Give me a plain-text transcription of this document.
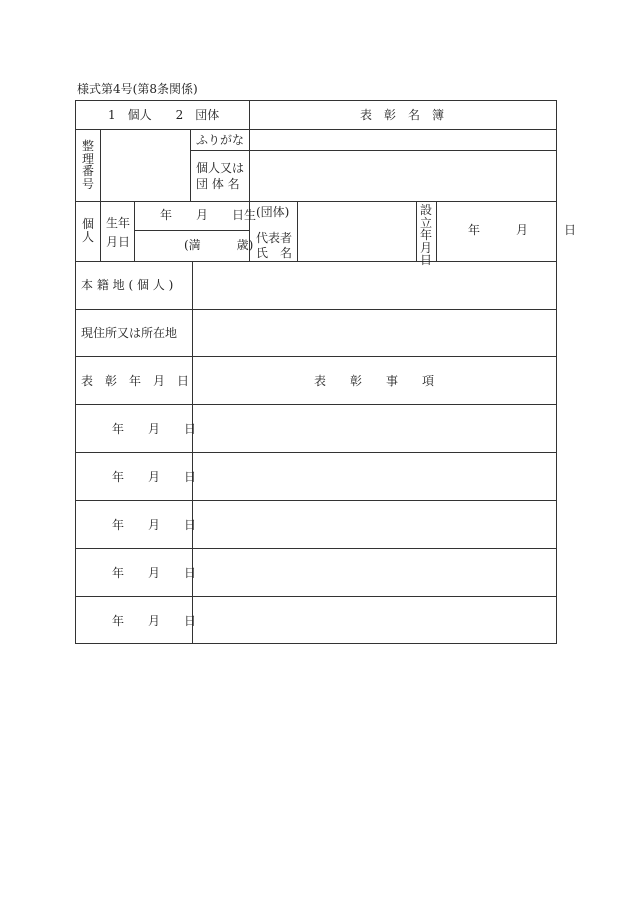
様式第4号(第8条関係)
1　個人　　2　団体	表　彰　名　簿
整理番号
ふりがな
個人又は
団 体 名
個人
生年
月日
年　　月　　日生
(満　　　歳)
(団体)
代表者
氏　名
設立年月日
年　　　月　　　日
本 籍 地 ( 個 人 )
現住所又は所在地
表　彰　年　月　日	表　　彰　　事　　項
年　　月　　日
年　　月　　日
年　　月　　日
年　　月　　日
年　　月　　日
